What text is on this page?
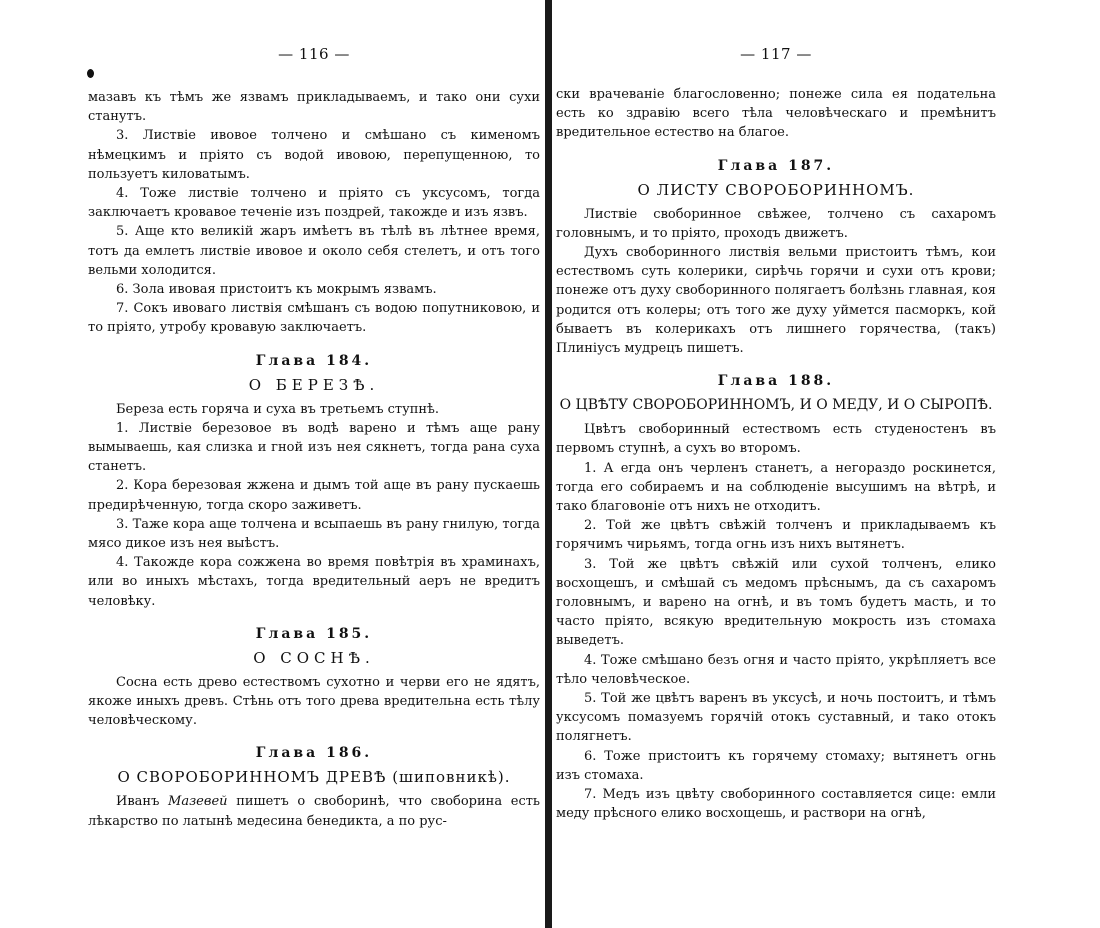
— 116 —

мазавъ къ тѣмъ же язвамъ прикладываемъ, и тако они сухи станутъ.

3. Листвіе ивовое толчено и смѣшано съ кименомъ нѣмецкимъ и пріято съ водой ивовою, перепущенною, то пользуетъ киловатымъ.

4. Тоже листвіе толчено и пріято съ уксусомъ, тогда заключаетъ кровавое теченіе изъ поздрей, такожде и изъ язвъ.

5. Аще кто великій жаръ имѣетъ въ тѣлѣ въ лѣтнее время, тотъ да емлетъ листвіе ивовое и около себя стелетъ, и отъ того вельми холодится.

6. Зола ивовая пристоитъ къ мокрымъ язвамъ.

7. Сокъ ивоваго листвія смѣшанъ съ водою попутниковою, и то пріято, утробу кровавую заключаетъ.

Глава 184.
О БЕРЕЗѢ.

Береза есть горяча и суха въ третьемъ ступнѣ.

1. Листвіе березовое въ водѣ варено и тѣмъ аще рану вымываешь, кая слизка и гной изъ нея сякнетъ, тогда рана суха станетъ.

2. Кора березовая жжена и дымъ той аще въ рану пускаешь предирѣченную, тогда скоро заживетъ.

3. Таже кора аще толчена и всыпаешь въ рану гнилую, тогда мясо дикое изъ нея выѣстъ.

4. Такожде кора сожжена во время повѣтрія въ храминахъ, или во иныхъ мѣстахъ, тогда вредительный аеръ не вредитъ человѣку.

Глава 185.
О СОСНѢ.

Сосна есть древо естествомъ сухотно и черви его не ядятъ, якоже иныхъ древъ. Стѣнь отъ того древа вредительна есть тѣлу человѣческому.

Глава 186.
О СВОРОБОРИННОМЪ ДРЕВѢ (шиповникѣ).

Иванъ Мазевей пишетъ о своборинѣ, что своборина есть лѣкарство по латынѣ медесина бенедикта, а по рус-

— 117 —

ски врачеваніе благословенно; понеже сила ея подательна есть ко здравію всего тѣла человѣческаго и премѣнитъ вредительное естество на благое.

Глава 187.
О ЛИСТУ СВОРОБОРИННОМЪ.

Листвіе своборинное свѣжее, толчено съ сахаромъ головнымъ, и то пріято, проходъ движетъ.

Духъ своборинного листвія вельми пристоитъ тѣмъ, кои естествомъ суть колерики, сирѣчь горячи и сухи отъ крови; понеже отъ духу своборинного полягаетъ болѣзнь главная, коя родится отъ колеры; отъ того же духу уймется пасморкъ, кой бываетъ въ колерикахъ отъ лишнего горячества, (такъ) Плиніусъ мудрецъ пишетъ.

Глава 188.
О ЦВѢТУ СВОРОБОРИННОМЪ, И О МЕДУ, И О СЫРОПѢ.

Цвѣтъ своборинный естествомъ есть студеностенъ въ первомъ ступнѣ, а сухъ во второмъ.

1. А егда онъ черленъ станетъ, а негораздо роскинется, тогда его собираемъ и на соблюденіе высушимъ на вѣтрѣ, и тако благовоніе отъ нихъ не отходитъ.

2. Той же цвѣтъ свѣжій толченъ и прикладываемъ къ горячимъ чирьямъ, тогда огнь изъ нихъ вытянетъ.

3. Той же цвѣтъ свѣжій или сухой толченъ, елико восхощешъ, и смѣшай съ медомъ прѣснымъ, да съ сахаромъ головнымъ, и варено на огнѣ, и въ томъ будетъ масть, и то часто пріято, всякую вредительную мокрость изъ стомаха выведетъ.

4. Тоже смѣшано безъ огня и часто пріято, укрѣпляетъ все тѣло человѣческое.

5. Той же цвѣтъ варенъ въ уксусѣ, и ночь постоитъ, и тѣмъ уксусомъ помазуемъ горячій отокъ суставный, и тако отокъ полягнетъ.

6. Тоже пристоитъ къ горячему стомаху; вытянетъ огнь изъ стомаха.

7. Медъ изъ цвѣту своборинного составляется сице: емли меду прѣсного елико восхощешь, и раствори на огнѣ,
